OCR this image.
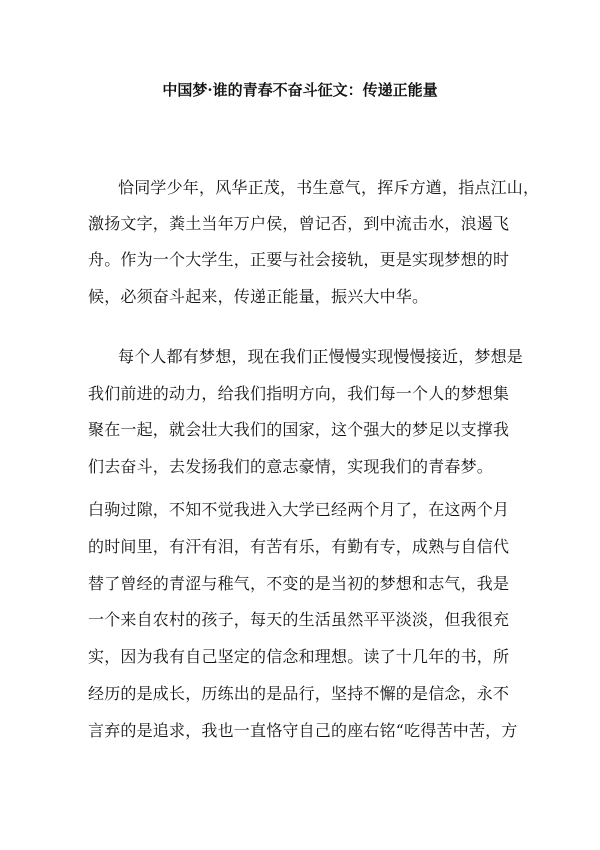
中国梦·谁的青春不奋斗征文：传递正能量
恰同学少年，风华正茂，书生意气，挥斥方遒，指点江山，
激扬文字，粪土当年万户侯，曾记否，到中流击水，浪遏飞
舟。作为一个大学生，正要与社会接轨，更是实现梦想的时
候，必须奋斗起来，传递正能量，振兴大中华。
每个人都有梦想，现在我们正慢慢实现慢慢接近，梦想是
我们前进的动力，给我们指明方向，我们每一个人的梦想集
聚在一起，就会壮大我们的国家，这个强大的梦足以支撑我
们去奋斗，去发扬我们的意志豪情，实现我们的青春梦。
白驹过隙，不知不觉我进入大学已经两个月了，在这两个月
的时间里，有汗有泪，有苦有乐，有勤有专，成熟与自信代
替了曾经的青涩与稚气，不变的是当初的梦想和志气，我是
一个来自农村的孩子，每天的生活虽然平平淡淡，但我很充
实，因为我有自己坚定的信念和理想。读了十几年的书，所
经历的是成长，历练出的是品行，坚持不懈的是信念，永不
言弃的是追求，我也一直恪守自己的座右铭“吃得苦中苦，方
